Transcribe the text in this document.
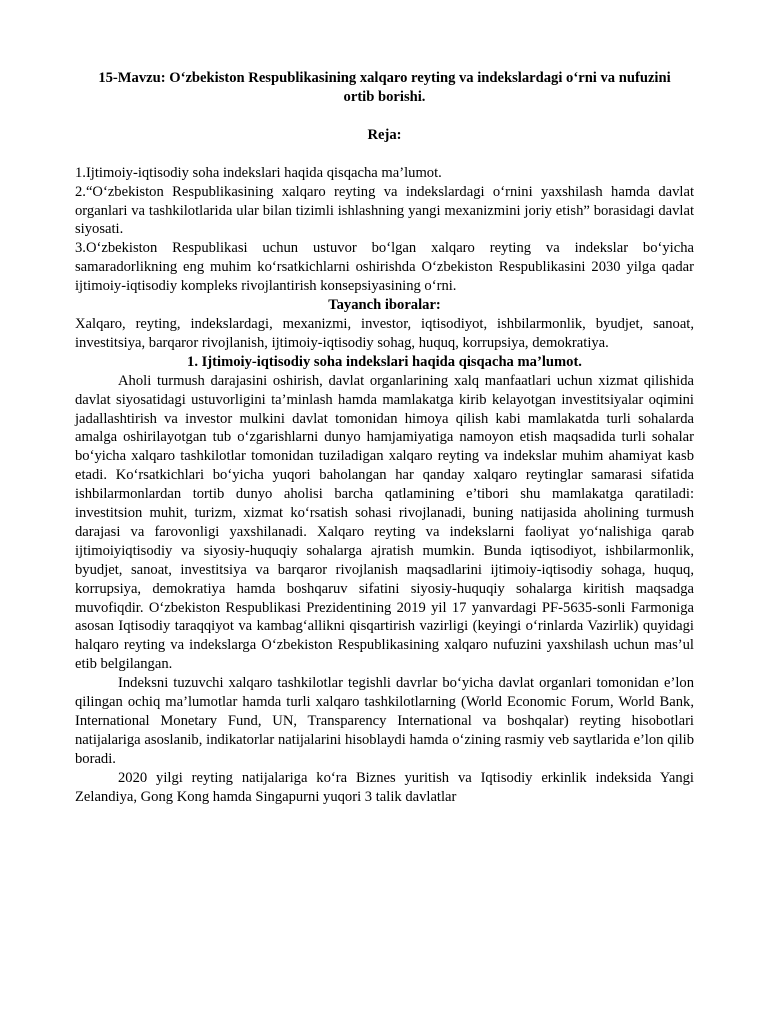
15-Mavzu: O‘zbekiston Respublikasining xalqaro reyting va indekslardagi o‘rni va nufuzini ortib borishi.

Reja:

1.Ijtimoiy-iqtisodiy soha indekslari haqida qisqacha ma’lumot.

2.“O‘zbekiston Respublikasining xalqaro reyting va indekslardagi o‘rnini yaxshilash hamda davlat organlari va tashkilotlarida ular bilan tizimli ishlashning yangi mexanizmini joriy etish” borasidagi davlat siyosati.

3.O‘zbekiston Respublikasi uchun ustuvor bo‘lgan xalqaro reyting va indekslar bo‘yicha samaradorlikning eng muhim ko‘rsatkichlarni oshirishda O‘zbekiston Respublikasini 2030 yilga qadar ijtimoiy-iqtisodiy kompleks rivojlantirish konsepsiyasining o‘rni.

Tayanch iboralar:

Xalqaro, reyting, indekslardagi, mexanizmi, investor, iqtisodiyot, ishbilarmonlik, byudjet, sanoat, investitsiya, barqaror rivojlanish, ijtimoiy-iqtisodiy sohag, huquq, korrupsiya, demokratiya.

1. Ijtimoiy-iqtisodiy soha indekslari haqida qisqacha ma’lumot.

Aholi turmush darajasini oshirish, davlat organlarining xalq manfaatlari uchun xizmat qilishida davlat siyosatidagi ustuvorligini ta’minlash hamda mamlakatga kirib kelayotgan investitsiyalar oqimini jadallashtirish va investor mulkini davlat tomonidan himoya qilish kabi mamlakatda turli sohalarda amalga oshirilayotgan tub o‘zgarishlarni dunyo hamjamiyatiga namoyon etish maqsadida turli sohalar bo‘yicha xalqaro tashkilotlar tomonidan tuziladigan xalqaro reyting va indekslar muhim ahamiyat kasb etadi. Ko‘rsatkichlari bo‘yicha yuqori baholangan har qanday xalqaro reytinglar samarasi sifatida ishbilarmonlardan tortib dunyo aholisi barcha qatlamining e’tibori shu mamlakatga qaratiladi: investitsion muhit, turizm, xizmat ko‘rsatish sohasi rivojlanadi, buning natijasida aholining turmush darajasi va farovonligi yaxshilanadi. Xalqaro reyting va indekslarni faoliyat yo‘nalishiga qarab ijtimoiyiqtisodiy va siyosiy-huquqiy sohalarga ajratish mumkin. Bunda iqtisodiyot, ishbilarmonlik, byudjet, sanoat, investitsiya va barqaror rivojlanish maqsadlarini ijtimoiy-iqtisodiy sohaga, huquq, korrupsiya, demokratiya hamda boshqaruv sifatini siyosiy-huquqiy sohalarga kiritish maqsadga muvofiqdir. O‘zbekiston Respublikasi Prezidentining 2019 yil 17 yanvardagi PF-5635-sonli Farmoniga asosan Iqtisodiy taraqqiyot va kambag‘allikni qisqartirish vazirligi (keyingi o‘rinlarda Vazirlik) quyidagi halqaro reyting va indekslarga O‘zbekiston Respublikasining xalqaro nufuzini yaxshilash uchun mas’ul etib belgilangan.

Indeksni tuzuvchi xalqaro tashkilotlar tegishli davrlar bo‘yicha davlat organlari tomonidan e’lon qilingan ochiq ma’lumotlar hamda turli xalqaro tashkilotlarning (World Economic Forum, World Bank, International Monetary Fund, UN, Transparency International va boshqalar) reyting hisobotlari natijalariga asoslanib, indikatorlar natijalarini hisoblaydi hamda o‘zining rasmiy veb saytlarida e’lon qilib boradi.

2020 yilgi reyting natijalariga ko‘ra Biznes yuritish va Iqtisodiy erkinlik indeksida Yangi Zelandiya, Gong Kong hamda Singapurni yuqori 3 talik davlatlar
